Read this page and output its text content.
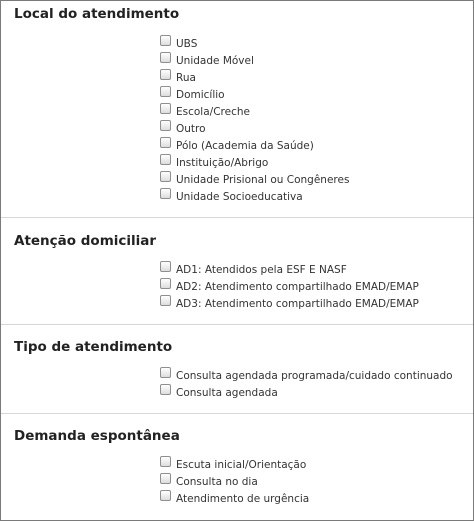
Local do atendimento
UBS
Unidade Móvel
Rua
Domicílio
Escola/Creche
Outro
Pólo (Academia da Saúde)
Instituição/Abrigo
Unidade Prisional ou Congêneres
Unidade Socioeducativa
Atenção domiciliar
AD1: Atendidos pela ESF E NASF
AD2: Atendimento compartilhado EMAD/EMAP
AD3: Atendimento compartilhado EMAD/EMAP
Tipo de atendimento
Consulta agendada programada/cuidado continuado
Consulta agendada
Demanda espontânea
Escuta inicial/Orientação
Consulta no dia
Atendimento de urgência
